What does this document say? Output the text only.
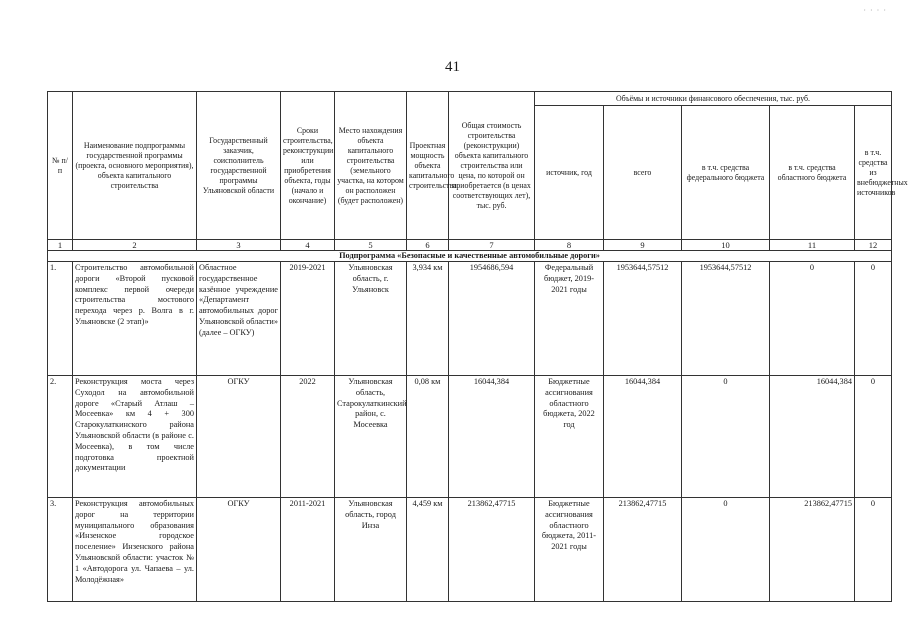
· · · ·
41
№ п/п	Наименование подпрограммы государственной программы (проекта, основного мероприятия), объекта капитального строительства	Государственный заказчик, соисполнитель государственной программы Ульяновской области	Сроки строительства, реконструкции или приобретения объекта, годы (начало и окончание)	Место нахождения объекта капитального строительства (земельного участка, на котором он расположен (будет расположен)	Проектная мощность объекта капитального строительства	Общая стоимость строительства (реконструкции) объекта капитального строительства или цена, по которой он приобретается (в ценах соответствующих лет), тыс. руб.	Объёмы и источники финансового обеспечения, тыс. руб.				
							источник, год	всего	в т.ч. средства федерального бюджета	в т.ч. средства областного бюджета	в т.ч. средства из внебюджетных источников
1	2	3	4	5	6	7	8	9	10	11	12
Подпрограмма «Безопасные и качественные автомобильные дороги»											
1.	Строительство автомобильной дороги «Второй пусковой комплекс первой очереди строительства мостового перехода через р. Волга в г. Ульяновске (2 этап)»	Областное государственное казённое учреждение «Департамент автомобильных дорог Ульяновской области» (далее – ОГКУ)	2019-2021	Ульяновская область, г. Ульяновск	3,934 км	1954686,594	Федеральный бюджет, 2019-2021 годы	1953644,57512	1953644,57512	0	0
2.	Реконструкция моста через Суходол на автомобильной дороге «Старый Атлаш – Мосеевка» км 4 + 300 Старокулаткинского района Ульяновской области (в районе с. Мосеевка), в том числе подготовка проектной документации	ОГКУ	2022	Ульяновская область, Старокулаткинский район, с. Мосеевка	0,08 км	16044,384	Бюджетные ассигнования областного бюджета, 2022 год	16044,384	0	16044,384	0
3.	Реконструкция автомобильных дорог на территории муниципального образования «Инзенское городское поселение» Инзенского района Ульяновской области: участок № 1 «Автодорога ул. Чапаева – ул. Молодёжная»	ОГКУ	2011-2021	Ульяновская область, город Инза	4,459 км	213862,47715	Бюджетные ассигнования областного бюджета, 2011-2021 годы	213862,47715	0	213862,47715	0
